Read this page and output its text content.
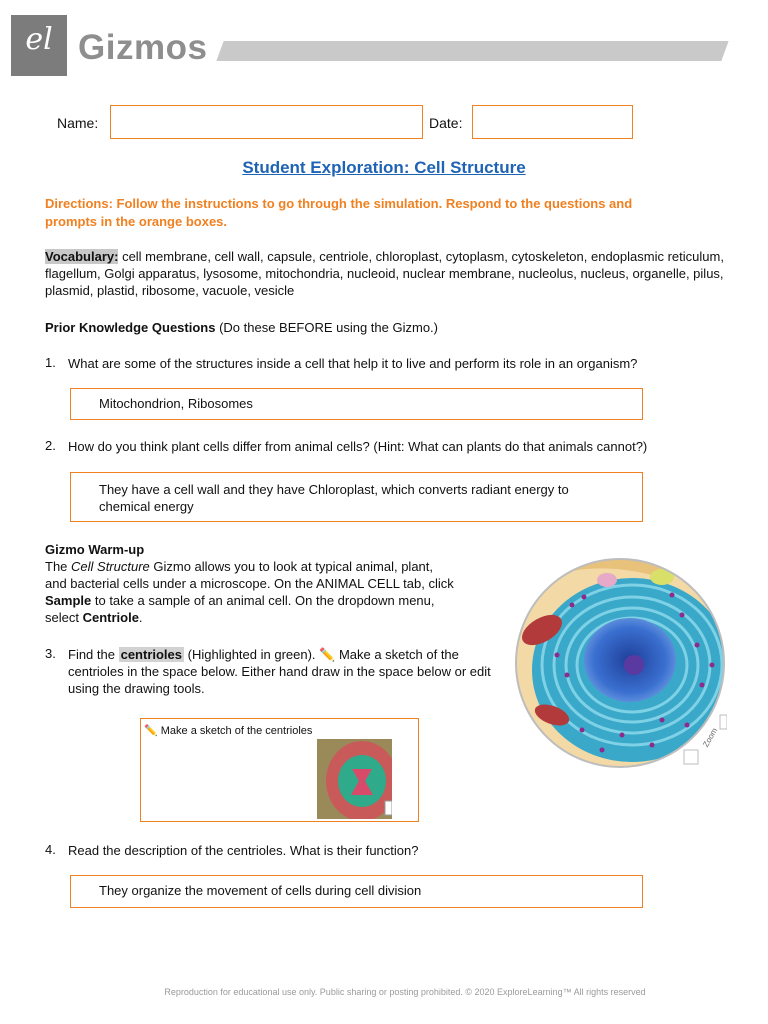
el Gizmos
Name:	Date:
Student Exploration: Cell Structure
Directions: Follow the instructions to go through the simulation. Respond to the questions and prompts in the orange boxes.
Vocabulary: cell membrane, cell wall, capsule, centriole, chloroplast, cytoplasm, cytoskeleton, endoplasmic reticulum, flagellum, Golgi apparatus, lysosome, mitochondria, nucleoid, nuclear membrane, nucleolus, nucleus, organelle, pilus, plasmid, plastid, ribosome, vacuole, vesicle
Prior Knowledge Questions (Do these BEFORE using the Gizmo.)
1. What are some of the structures inside a cell that help it to live and perform its role in an organism?
Mitochondrion, Ribosomes
2. How do you think plant cells differ from animal cells? (Hint: What can plants do that animals cannot?)
They have a cell wall and they have Chloroplast, which converts radiant energy to chemical energy
Gizmo Warm-up
The Cell Structure Gizmo allows you to look at typical animal, plant, and bacterial cells under a microscope. On the ANIMAL CELL tab, click Sample to take a sample of an animal cell. On the dropdown menu, select Centriole.
3. Find the centrioles (Highlighted in green). ✏️ Make a sketch of the centrioles in the space below. Either hand draw in the space below or edit using the drawing tools.
Zoom
✏️ Make a sketch of the centrioles
4. Read the description of the centrioles. What is their function?
They organize the movement of cells during cell division
Reproduction for educational use only. Public sharing or posting prohibited. © 2020 ExploreLearning™ All rights reserved
